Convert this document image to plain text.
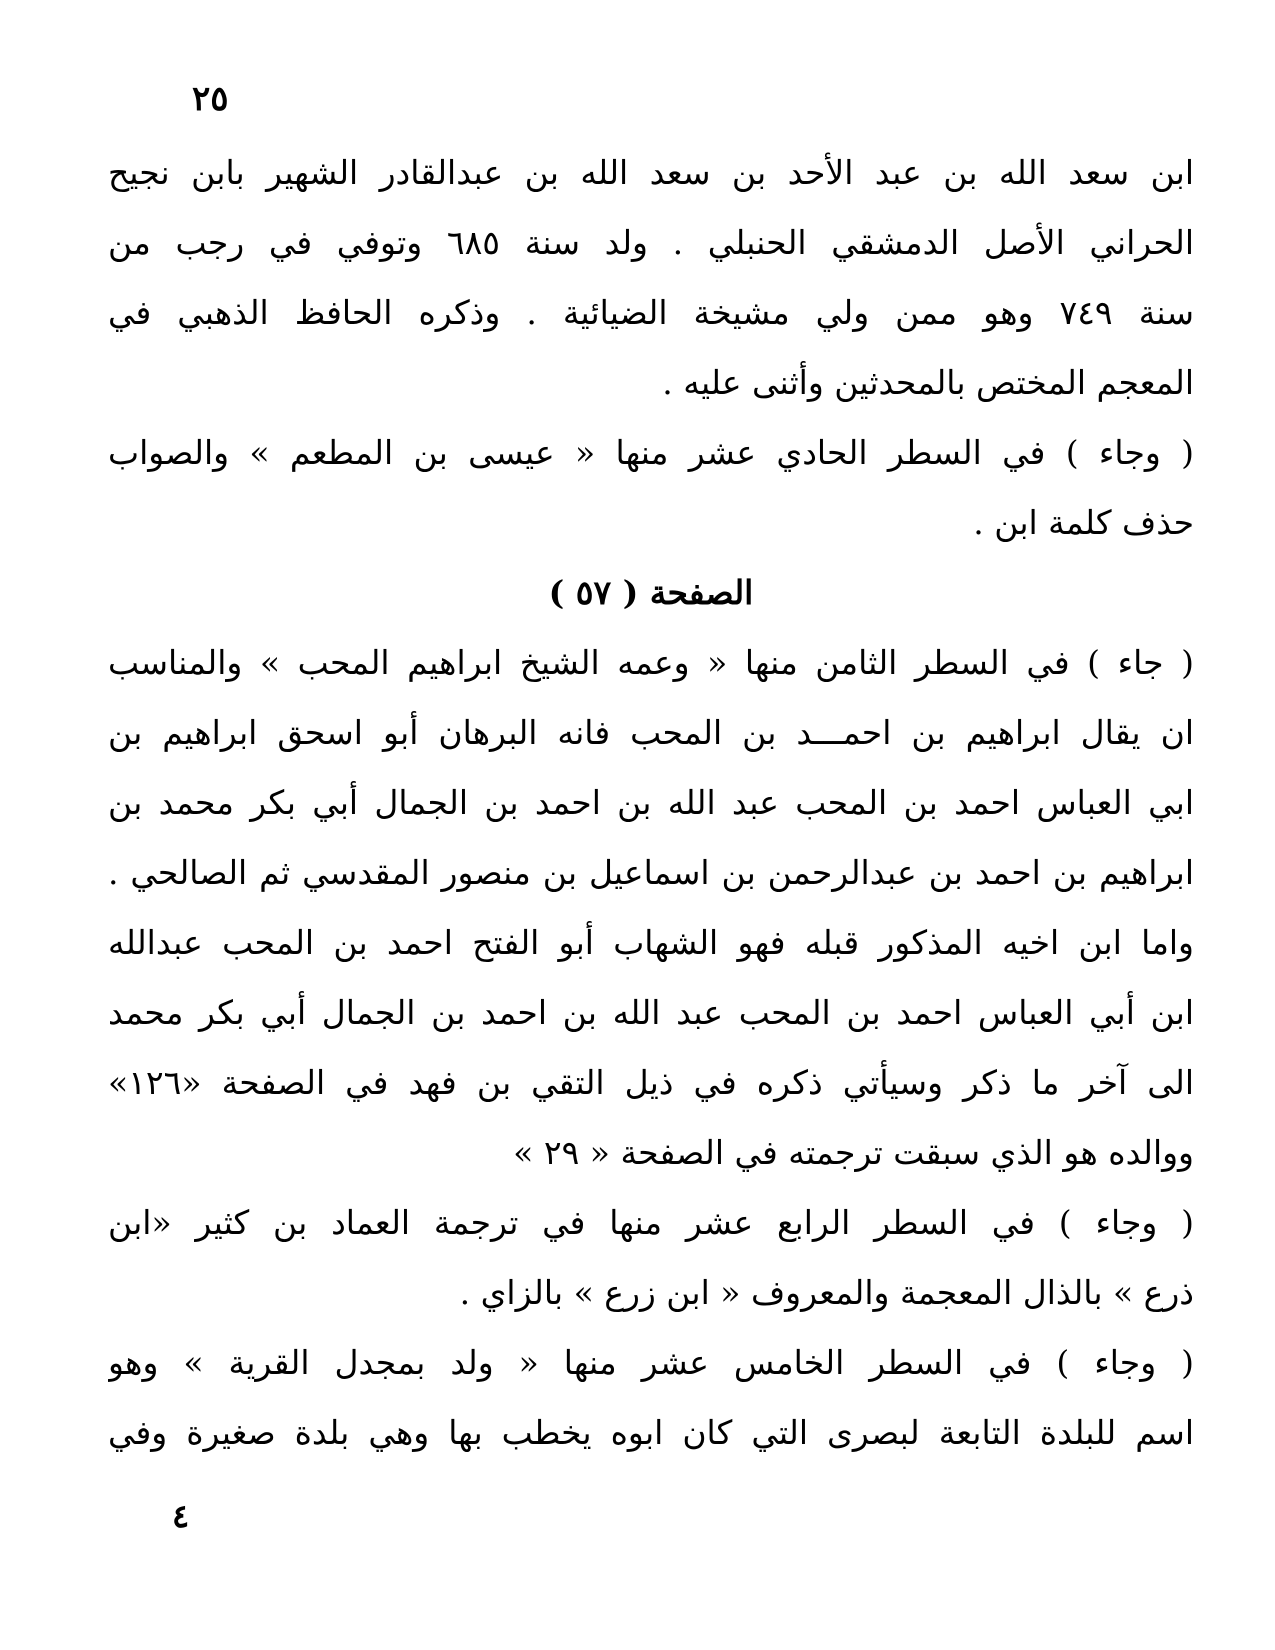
٢٥
ابن سعد الله بن عبد الأحد بن سعد الله بن عبدالقادر الشهير بابن نجيح
الحراني الأصل الدمشقي الحنبلي . ولد سنة ٦٨٥ وتوفي في رجب من
سنة ٧٤٩ وهو ممن ولي مشيخة الضيائية . وذكره الحافظ الذهبي في
المعجم المختص بالمحدثين وأثنى عليه .
( وجاء ) في السطر الحادي عشر منها « عيسى بن المطعم » والصواب
حذف كلمة ابن .
الصفحة ( ٥٧ )
( جاء ) في السطر الثامن منها « وعمه الشيخ ابراهيم المحب » والمناسب
ان يقال ابراهيم بن احمـــد بن المحب فانه البرهان أبو اسحق ابراهيم بن
ابي العباس احمد بن المحب عبد الله بن احمد بن الجمال أبي بكر محمد بن
ابراهيم بن احمد بن عبدالرحمن بن اسماعيل بن منصور المقدسي ثم الصالحي .
واما ابن اخيه المذكور قبله فهو الشهاب أبو الفتح احمد بن المحب عبدالله
ابن أبي العباس احمد بن المحب عبد الله بن احمد بن الجمال أبي بكر محمد
الى آخر ما ذكر وسيأتي ذكره في ذيل التقي بن فهد في الصفحة «١٢٦»
ووالده هو الذي سبقت ترجمته في الصفحة « ٢٩ »
( وجاء ) في السطر الرابع عشر منها في ترجمة العماد بن كثير «ابن
ذرع » بالذال المعجمة والمعروف « ابن زرع » بالزاي .
( وجاء ) في السطر الخامس عشر منها « ولد بمجدل القرية » وهو
اسم للبلدة التابعة لبصرى التي كان ابوه يخطب بها وهي بلدة صغيرة وفي
٤
